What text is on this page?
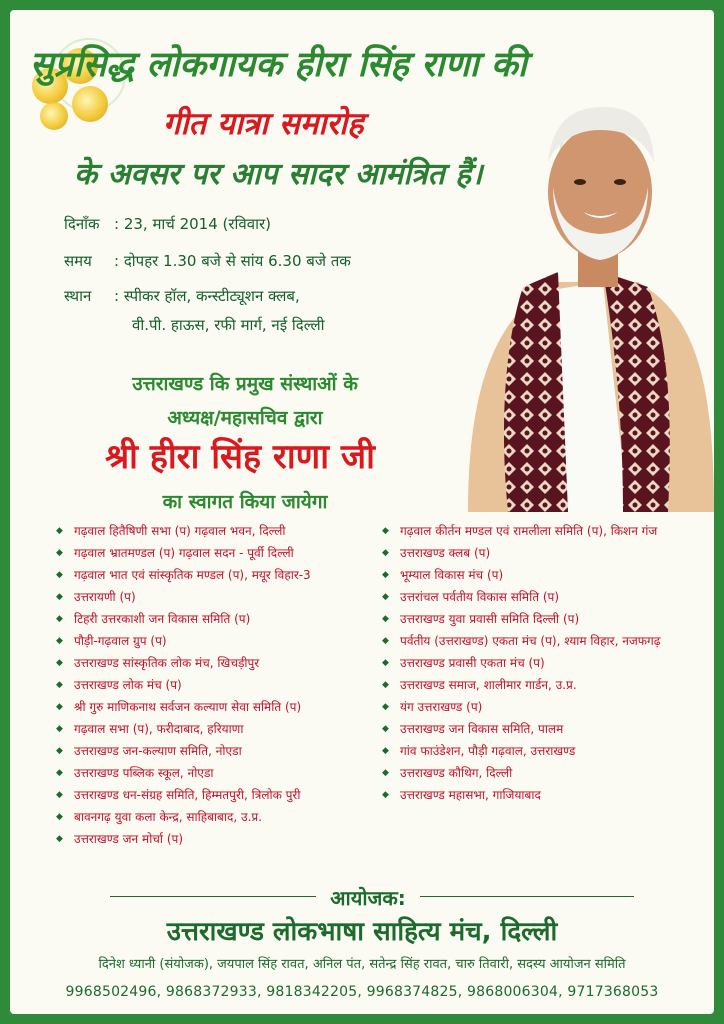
सुप्रसिद्ध लोकगायक हीरा सिंह राणा की
गीत यात्रा समारोह
के अवसर पर आप सादर आमंत्रित हैं।
दिनाँक : 23, मार्च 2014 (रविवार)
समय : दोपहर 1.30 बजे से सांय 6.30 बजे तक
स्थान : स्पीकर हॉल, कन्स्टीट्यूशन क्लब,
वी.पी. हाऊस, रफी मार्ग, नई दिल्ली
उत्तराखण्ड कि प्रमुख संस्थाओं के
अध्यक्ष/महासचिव द्वारा
श्री हीरा सिंह राणा जी
का स्वागत किया जायेगा
◆ गढ़वाल हितैषिणी सभा (प) गढ़वाल भवन, दिल्ली
◆ गढ़वाल भ्रातमण्डल (प) गढ़वाल सदन - पूर्वी दिल्ली
◆ गढ़वाल भात एवं सांस्कृतिक मण्डल (प), मयूर विहार-3
◆ उत्तरायणी (प)
◆ टिहरी उत्तरकाशी जन विकास समिति (प)
◆ पौड़ी-गढ़वाल ग्रुप (प)
◆ उत्तराखण्ड सांस्कृतिक लोक मंच, खिचड़ीपुर
◆ उत्तराखण्ड लोक मंच (प)
◆ श्री गुरु माणिकनाथ सर्वजन कल्याण सेवा समिति (प)
◆ गढ़वाल सभा (प), फरीदाबाद, हरियाणा
◆ उत्तराखण्ड जन-कल्याण समिति, नोएडा
◆ उत्तराखण्ड पब्लिक स्कूल, नोएडा
◆ उत्तराखण्ड धन-संग्रह समिति, हिम्मतपुरी, त्रिलोक पुरी
◆ बावनगढ़ युवा कला केन्द्र, साहिबाबाद, उ.प्र.
◆ उत्तराखण्ड जन मोर्चा (प)
◆ गढ़वाल कीर्तन मण्डल एवं रामलीला समिति (प), किशन गंज
◆ उत्तराखण्ड क्लब (प)
◆ भूम्याल विकास मंच (प)
◆ उत्तरांचल पर्वतीय विकास समिति (प)
◆ उत्तराखण्ड युवा प्रवासी समिति दिल्ली (प)
◆ पर्वतीय (उत्तराखण्ड) एकता मंच (प), श्याम विहार, नजफगढ़
◆ उत्तराखण्ड प्रवासी एकता मंच (प)
◆ उत्तराखण्ड समाज, शालीमार गार्डन, उ.प्र.
◆ यंग उत्तराखण्ड (प)
◆ उत्तराखण्ड जन विकास समिति, पालम
◆ गांव फाउंडेशन, पौड़ी गढ़वाल, उत्तराखण्ड
◆ उत्तराखण्ड कौथिग, दिल्ली
◆ उत्तराखण्ड महासभा, गाजियाबाद
आयोजक:
उत्तराखण्ड लोकभाषा साहित्य मंच, दिल्ली
दिनेश ध्यानी (संयोजक), जयपाल सिंह रावत, अनिल पंत, सतेन्द्र सिंह रावत, चारु तिवारी, सदस्य आयोजन समिति
9968502496, 9868372933, 9818342205, 9968374825, 9868006304, 9717368053
